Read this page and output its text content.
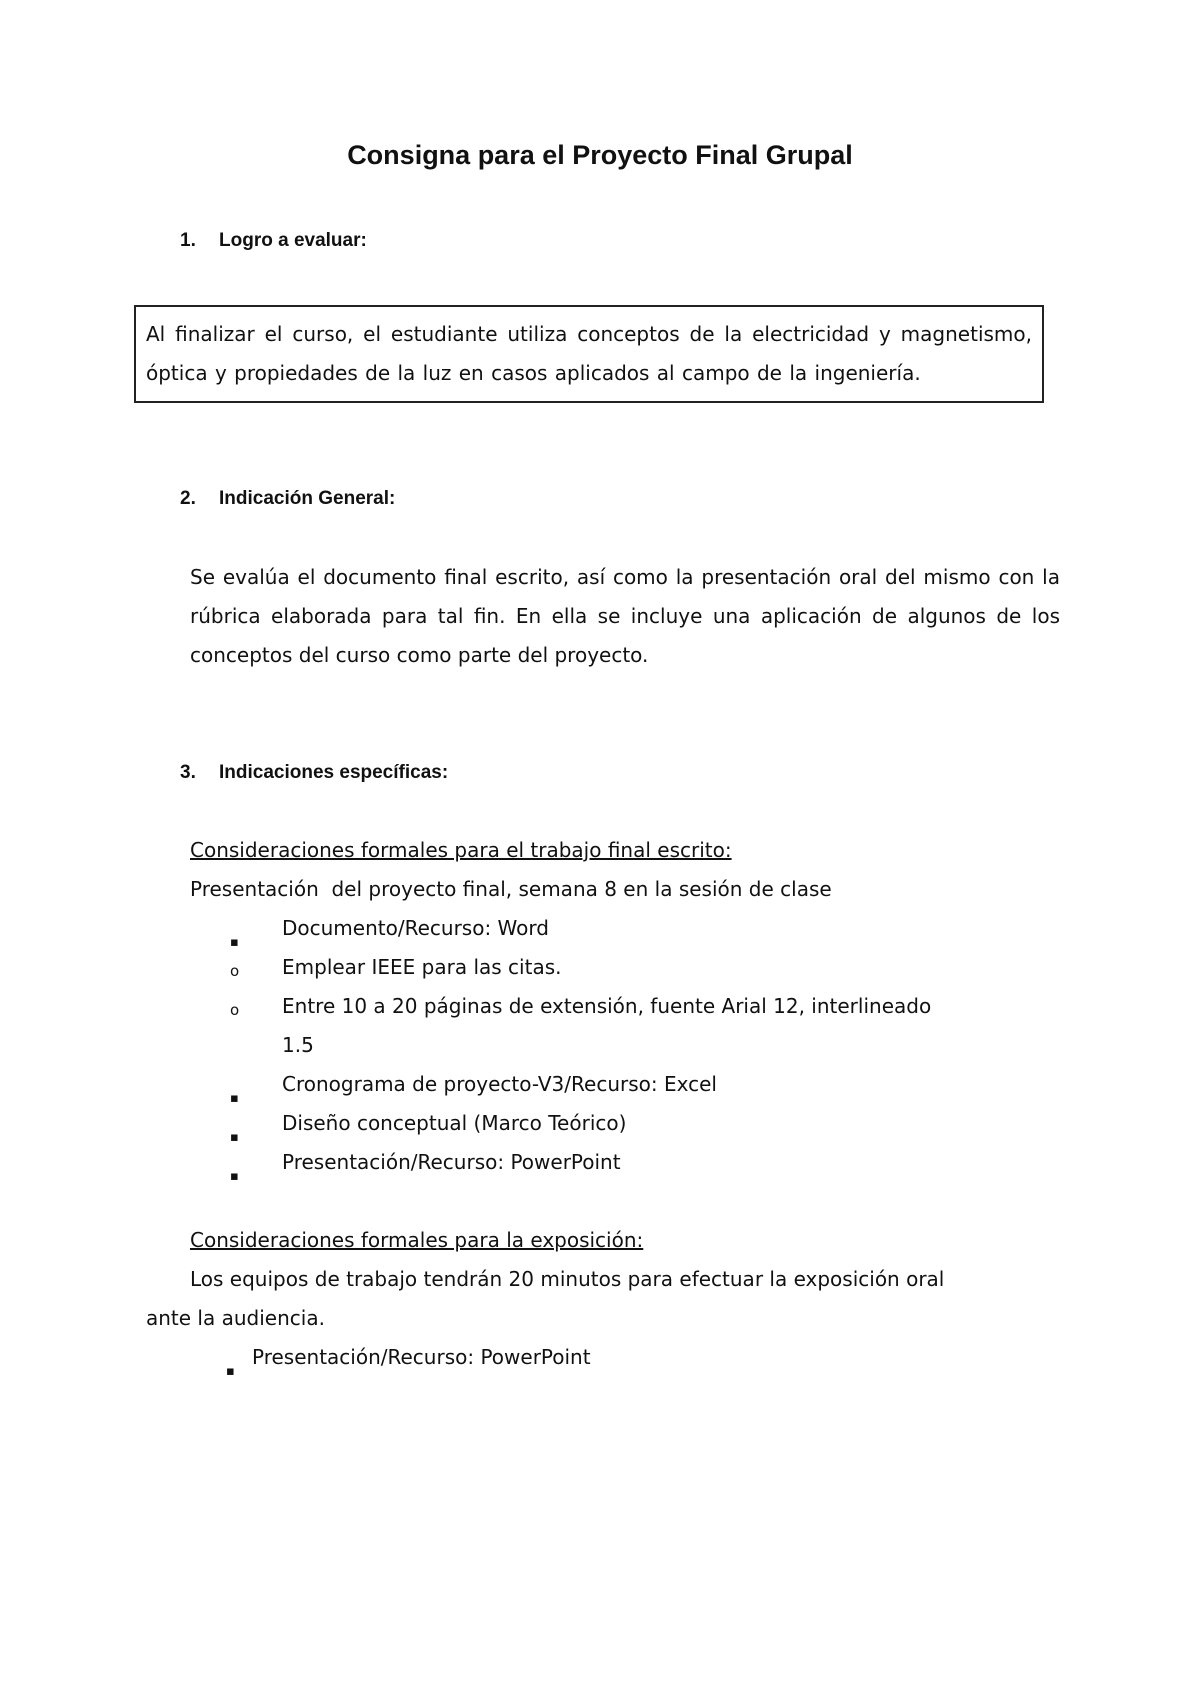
Consigna para el Proyecto Final Grupal
1. Logro a evaluar:
Al finalizar el curso, el estudiante utiliza conceptos de la electricidad y magnetismo, óptica y propiedades de la luz en casos aplicados al campo de la ingeniería.
2. Indicación General:

Se evalúa el documento final escrito, así como la presentación oral del mismo con la rúbrica elaborada para tal fin. En ella se incluye una aplicación de algunos de los conceptos del curso como parte del proyecto.

3. Indicaciones específicas:

Consideraciones formales para el trabajo final escrito:

Presentación  del proyecto final, semana 8 en la sesión de clase

▪

Documento/Recurso: Word

o Emplear IEEE para las citas.

o Entre 10 a 20 páginas de extensión, fuente Arial 12, interlineado

1.5

▪

Cronograma de proyecto-V3/Recurso: Excel

▪

Diseño conceptual (Marco Teórico)

▪

Presentación/Recurso: PowerPoint

Consideraciones formales para la exposición:

Los equipos de trabajo tendrán 20 minutos para efectuar la exposición oral

ante la audiencia.

▪

Presentación/Recurso: PowerPoint
